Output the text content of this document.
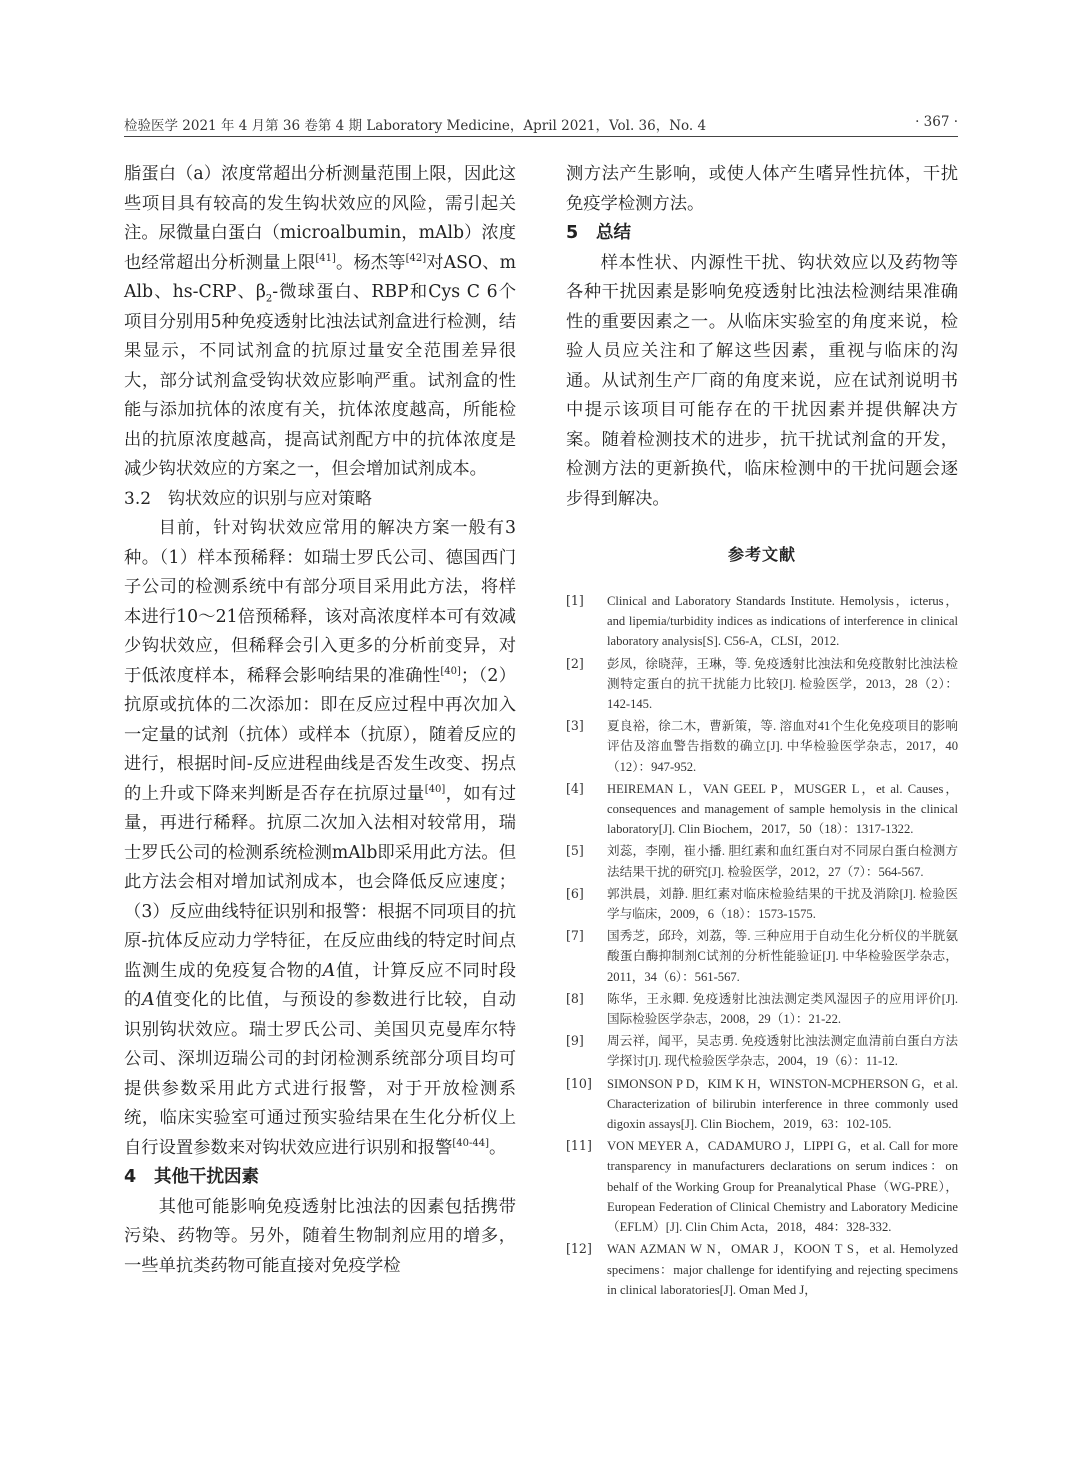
检验医学 2021 年 4 月第 36 卷第 4 期 Laboratory Medicine，April 2021，Vol. 36，No. 4	· 367 ·

脂蛋白（a）浓度常超出分析测量范围上限，因此这些项目具有较高的发生钩状效应的风险，需引起关注。尿微量白蛋白（microalbumin，mAlb）浓度也经常超出分析测量上限[41]。杨杰等[42]对ASO、mAlb、hs-CRP、$\beta_2-$微球蛋白、RBP和Cys C 6个项目分别用5种免疫透射比浊法试剂盒进行检测，结果显示，不同试剂盒的抗原过量安全范围差异很大，部分试剂盒受钩状效应影响严重。试剂盒的性能与添加抗体的浓度有关，抗体浓度越高，所能检出的抗原浓度越高，提高试剂配方中的抗体浓度是减少钩状效应的方案之一，但会增加试剂成本。

3.2 钩状效应的识别与应对策略

目前，针对钩状效应常用的解决方案一般有3种。（1）样本预稀释：如瑞士罗氏公司、德国西门子公司的检测系统中有部分项目采用此方法，将样本进行10～21倍预稀释，该对高浓度样本可有效减少钩状效应，但稀释会引入更多的分析前变异，对于低浓度样本，稀释会影响结果的准确性[40]；（2）抗原或抗体的二次添加：即在反应过程中再次加入一定量的试剂（抗体）或样本（抗原），随着反应的进行，根据时间-反应进程曲线是否发生改变、拐点的上升或下降来判断是否存在抗原过量[40]，如有过量，再进行稀释。抗原二次加入法相对较常用，瑞士罗氏公司的检测系统检测mAlb即采用此方法。但此方法会相对增加试剂成本，也会降低反应速度；（3）反应曲线特征识别和报警：根据不同项目的抗原-抗体反应动力学特征，在反应曲线的特定时间点监测生成的免疫复合物的A值，计算反应不同时段的A值变化的比值，与预设的参数进行比较，自动识别钩状效应。瑞士罗氏公司、美国贝克曼库尔特公司、深圳迈瑞公司的封闭检测系统部分项目均可提供参数采用此方式进行报警，对于开放检测系统，临床实验室可通过预实验结果在生化分析仪上自行设置参数来对钩状效应进行识别和报警[40-44]。

4 其他干扰因素

其他可能影响免疫透射比浊法的因素包括携带污染、药物等。另外，随着生物制剂应用的增多，一些单抗类药物可能直接对免疫学检

测方法产生影响，或使人体产生嗜异性抗体，干扰免疫学检测方法。

5 总结

样本性状、内源性干扰、钩状效应以及药物等各种干扰因素是影响免疫透射比浊法检测结果准确性的重要因素之一。从临床实验室的角度来说，检验人员应关注和了解这些因素，重视与临床的沟通。从试剂生产厂商的角度来说，应在试剂说明书中提示该项目可能存在的干扰因素并提供解决方案。随着检测技术的进步，抗干扰试剂盒的开发，检测方法的更新换代，临床检测中的干扰问题会逐步得到解决。

参考文献
[1] Clinical and Laboratory Standards Institute. Hemolysis，icterus，and lipemia/turbidity indices as indications of interference in clinical laboratory analysis[S]. C56-A，CLSI，2012.
[2] 彭凤，徐晓萍，王琳，等. 免疫透射比浊法和免疫散射比浊法检测特定蛋白的抗干扰能力比较[J]. 检验医学，2013，28（2）：142-145.
[3] 夏良裕，徐二木，曹新策，等. 溶血对41个生化免疫项目的影响评估及溶血警告指数的确立[J]. 中华检验医学杂志，2017，40（12）：947-952.
[4] HEIREMAN L，VAN GEEL P，MUSGER L，et al. Causes，consequences and management of sample hemolysis in the clinical laboratory[J]. Clin Biochem，2017，50（18）：1317-1322.
[5] 刘蕊，李刚，崔小播. 胆红素和血红蛋白对不同尿白蛋白检测方法结果干扰的研究[J]. 检验医学，2012，27（7）：564-567.
[6] 郭洪晨，刘静. 胆红素对临床检验结果的干扰及消除[J]. 检验医学与临床，2009，6（18）：1573-1575.
[7] 国秀芝，邱玲，刘荔，等. 三种应用于自动生化分析仪的半胱氨酸蛋白酶抑制剂C试剂的分析性能验证[J]. 中华检验医学杂志，2011，34（6）：561-567.
[8] 陈华，王永卿. 免疫透射比浊法测定类风湿因子的应用评价[J]. 国际检验医学杂志，2008，29（1）：21-22.
[9] 周云祥，闻平，吴志勇. 免疫透射比浊法测定血清前白蛋白方法学探讨[J]. 现代检验医学杂志，2004，19（6）：11-12.
[10] SIMONSON P D，KIM K H，WINSTON-MCPHERSON G，et al. Characterization of bilirubin interference in three commonly used digoxin assays[J]. Clin Biochem，2019，63：102-105.
[11] VON MEYER A，CADAMURO J，LIPPI G，et al. Call for more transparency in manufacturers declarations on serum indices：on behalf of the Working Group for Preanalytical Phase（WG-PRE），European Federation of Clinical Chemistry and Laboratory Medicine（EFLM）[J]. Clin Chim Acta，2018，484：328-332.
[12] WAN AZMAN W N，OMAR J，KOON T S，et al. Hemolyzed specimens：major challenge for identifying and rejecting specimens in clinical laboratories[J]. Oman Med J，
